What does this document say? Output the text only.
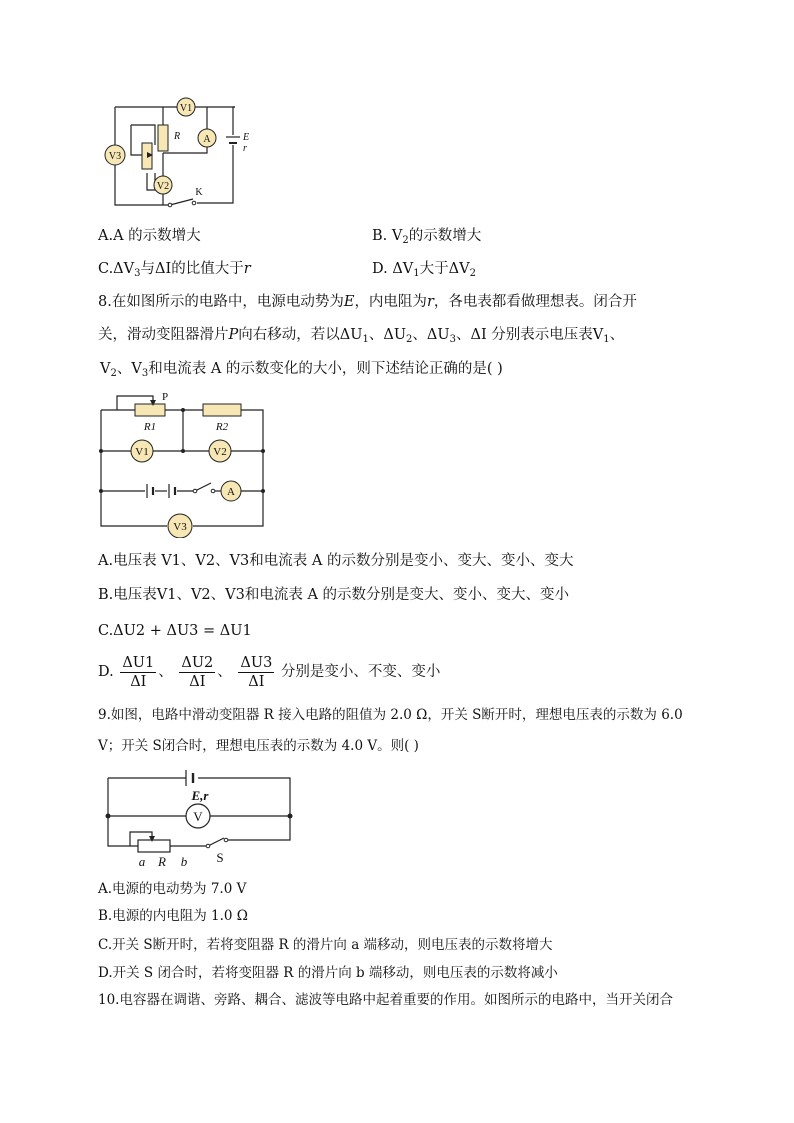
V1
A
V3
V2
R	E
r
K
A.A 的示数增大	B. $V_2$的示数增大
$C.\Delta V_3$与ΔI的比值大于r	D. $\Delta V_1$大于$\Delta V_2$
8.在如图所示的电路中，电源电动势为E，内电阻为r，各电表都看做理想表。闭合开
关，滑动变阻器滑片P向右移动，若以$\Delta U_1$、$\Delta U_2$、$\Delta U_3$、ΔI 分别表示电压表$V_1$、
$V_2$、$V_3$和电流表 A 的示数变化的大小，则下述结论正确的是( )
P
R1	R2
V1	V2
A
V3
A.电压表 V1、V2、V3和电流表 A 的示数分别是变小、变大、变小、变大
B.电压表V1、V2、V3和电流表 A 的示数分别是变大、变小、变大、变小
C.ΔU2 + ΔU3 = ΔU1
D. $\frac{\Delta U1}{\Delta I}$ 、 $\frac{\Delta U2}{\Delta I}$ 、 $\frac{\Delta U3}{\Delta I}$ 分别是变小、不变、变小
9.如图，电路中滑动变阻器 R 接入电路的阻值为 2.0 Ω，开关 S断开时，理想电压表的示数为 6.0
V；开关 S闭合时，理想电压表的示数为 4.0 V。则( )
E,r
V
a R b S
A.电源的电动势为 7.0 V
B.电源的内电阻为 1.0 Ω
C.开关 S断开时，若将变阻器 R 的滑片向 a 端移动，则电压表的示数将增大
D.开关 S 闭合时，若将变阻器 R 的滑片向 b 端移动，则电压表的示数将减小
10.电容器在调谐、旁路、耦合、滤波等电路中起着重要的作用。如图所示的电路中，当开关闭合
